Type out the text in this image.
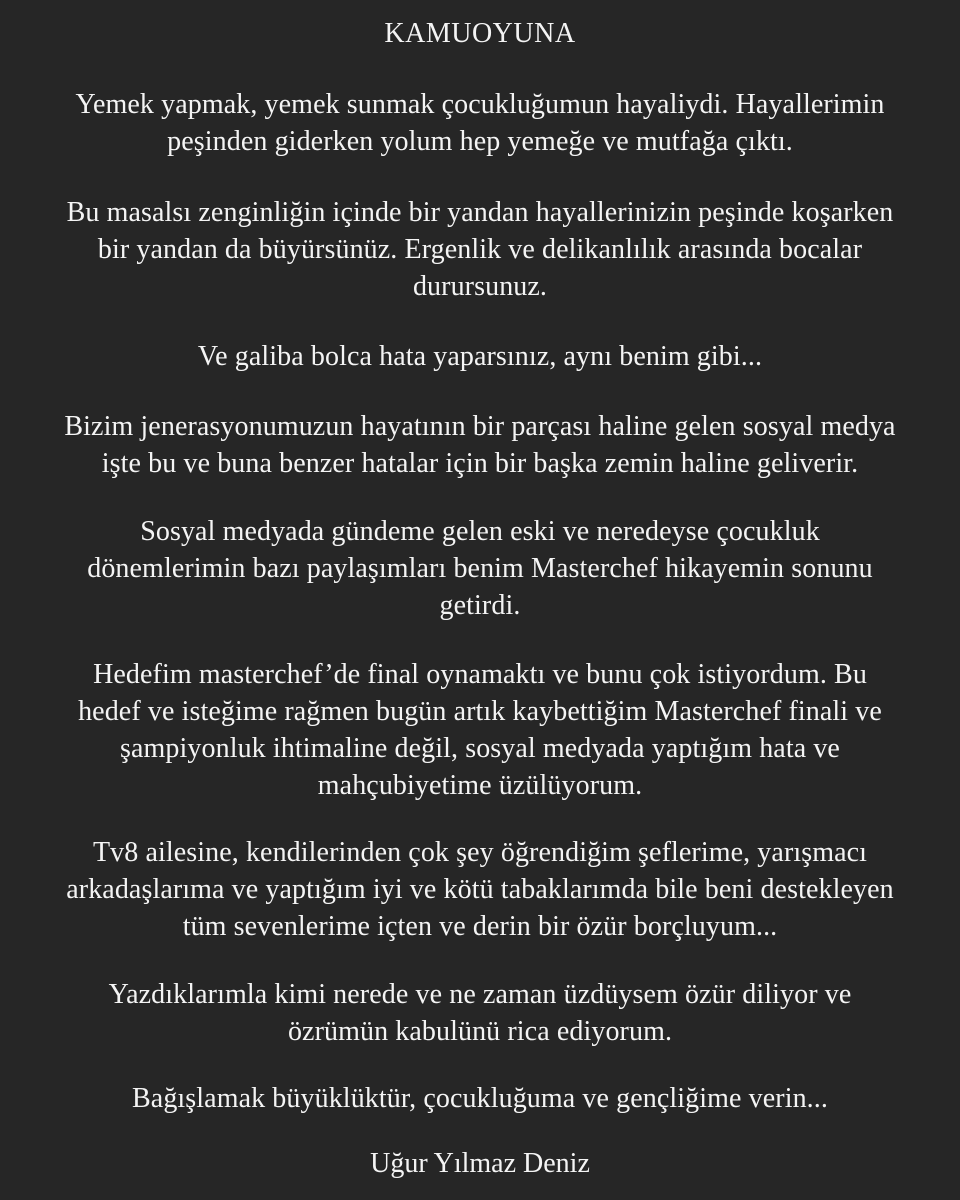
KAMUOYUNA
Yemek yapmak, yemek sunmak çocukluğumun hayaliydi. Hayallerimin
peşinden giderken yolum hep yemeğe ve mutfağa çıktı.
Bu masalsı zenginliğin içinde bir yandan hayallerinizin peşinde koşarken
bir yandan da büyürsünüz. Ergenlik ve delikanlılık arasında bocalar
durursunuz.
Ve galiba bolca hata yaparsınız, aynı benim gibi...
Bizim jenerasyonumuzun hayatının bir parçası haline gelen sosyal medya
işte bu ve buna benzer hatalar için bir başka zemin haline geliverir.
Sosyal medyada gündeme gelen eski ve neredeyse çocukluk
dönemlerimin bazı paylaşımları benim Masterchef hikayemin sonunu
getirdi.
Hedefim masterchef’de final oynamaktı ve bunu çok istiyordum. Bu
hedef ve isteğime rağmen bugün artık kaybettiğim Masterchef finali ve
şampiyonluk ihtimaline değil, sosyal medyada yaptığım hata ve
mahçubiyetime üzülüyorum.
Tv8 ailesine, kendilerinden çok şey öğrendiğim şeflerime, yarışmacı
arkadaşlarıma ve yaptığım iyi ve kötü tabaklarımda bile beni destekleyen
tüm sevenlerime içten ve derin bir özür borçluyum...
Yazdıklarımla kimi nerede ve ne zaman üzdüysem özür diliyor ve
özrümün kabulünü rica ediyorum.
Bağışlamak büyüklüktür, çocukluğuma ve gençliğime verin...
Uğur Yılmaz Deniz
